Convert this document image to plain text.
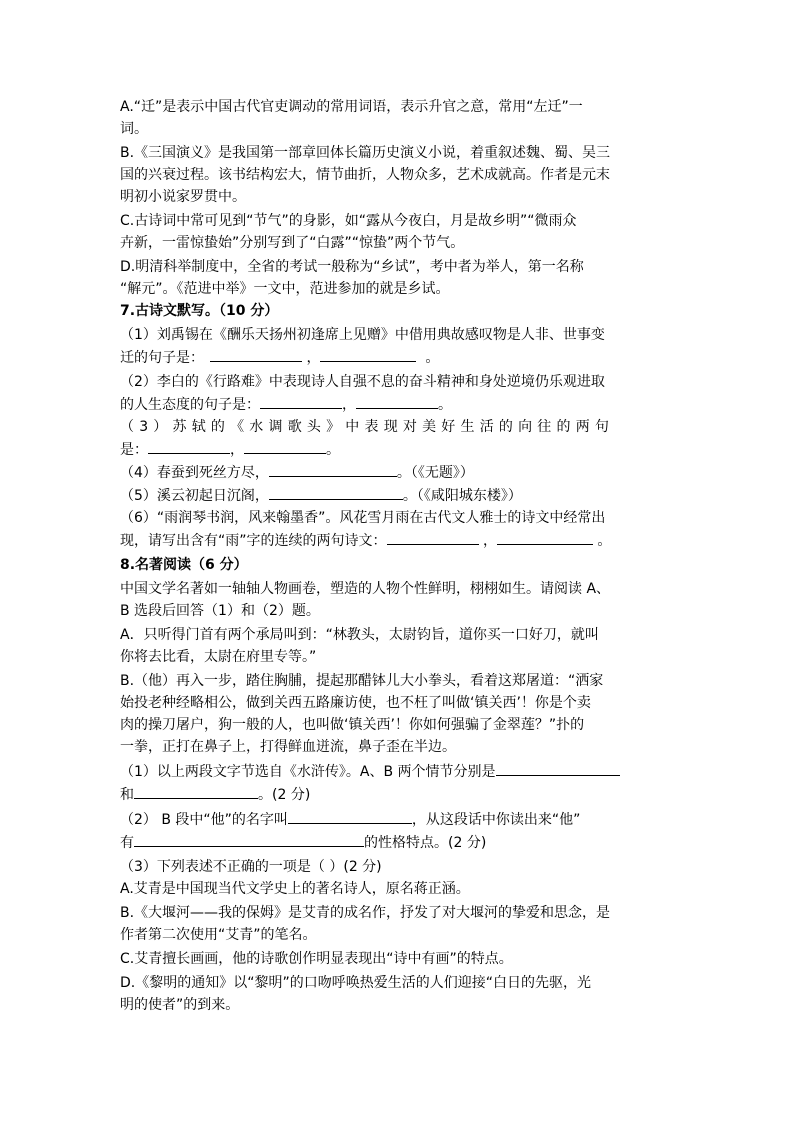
A.“迁”是表示中国古代官吏调动的常用词语，表示升官之意，常用“左迁”一
词。
B.《三国演义》是我国第一部章回体长篇历史演义小说，着重叙述魏、蜀、吴三
国的兴衰过程。该书结构宏大，情节曲折，人物众多，艺术成就高。作者是元末
明初小说家罗贯中。
C.古诗词中常可见到“节气”的身影，如“露从今夜白，月是故乡明”“微雨众
卉新，一雷惊蛰始”分别写到了“白露”“惊蛰”两个节气。
D.明清科举制度中，全省的考试一般称为“乡试”，考中者为举人，第一名称
“解元”。《范进中举》一文中，范进参加的就是乡试。
7.古诗文默写。（10 分）
（1）刘禹锡在《酬乐天扬州初逢席上见赠》中借用典故感叹物是人非、世事变
迁的句子是：	，	。
（2）李白的《行路难》中表现诗人自强不息的奋斗精神和身处逆境仍乐观进取
的人生态度的句子是：	，	。
（3）苏轼的《水调歌头》中表现对美好生活的向往的两句
是：	，	。
（4）春蚕到死丝方尽，	。（《无题》）
（5）溪云初起日沉阁，	。（《咸阳城东楼》）
（6）“雨润琴书润，风来翰墨香”。风花雪月雨在古代文人雅士的诗文中经常出
现，请写出含有“雨”字的连续的两句诗文：	，	。
8.名著阅读（6 分）
中国文学名著如一轴轴人物画卷，塑造的人物个性鲜明，栩栩如生。请阅读 A、
B 选段后回答（1）和（2）题。
A．只听得门首有两个承局叫到：“林教头，太尉钧旨，道你买一口好刀，就叫
你将去比看，太尉在府里专等。”
B.（他）再入一步，踏住胸脯，提起那醋钵儿大小拳头，看着这郑屠道：“洒家
始投老种经略相公，做到关西五路廉访使，也不枉了叫做‘镇关西’！你是个卖
肉的操刀屠户，狗一般的人，也叫做‘镇关西’！你如何强骗了金翠莲？”扑的
一拳，正打在鼻子上，打得鲜血迸流，鼻子歪在半边。
（1）以上两段文字节选自《水浒传》。A、B 两个情节分别是
和	。(2 分)
（2） B 段中“他”的名字叫	，从这段话中你读出来“他”
有	的性格特点。(2 分)
（3）下列表述不正确的一项是（ ）(2 分)
A.艾青是中国现当代文学史上的著名诗人，原名蒋正涵。
B.《大堰河——我的保姆》是艾青的成名作，抒发了对大堰河的挚爱和思念，是
作者第二次使用“艾青”的笔名。
C.艾青擅长画画，他的诗歌创作明显表现出“诗中有画”的特点。
D.《黎明的通知》以“黎明”的口吻呼唤热爱生活的人们迎接“白日的先驱，光
明的使者”的到来。
